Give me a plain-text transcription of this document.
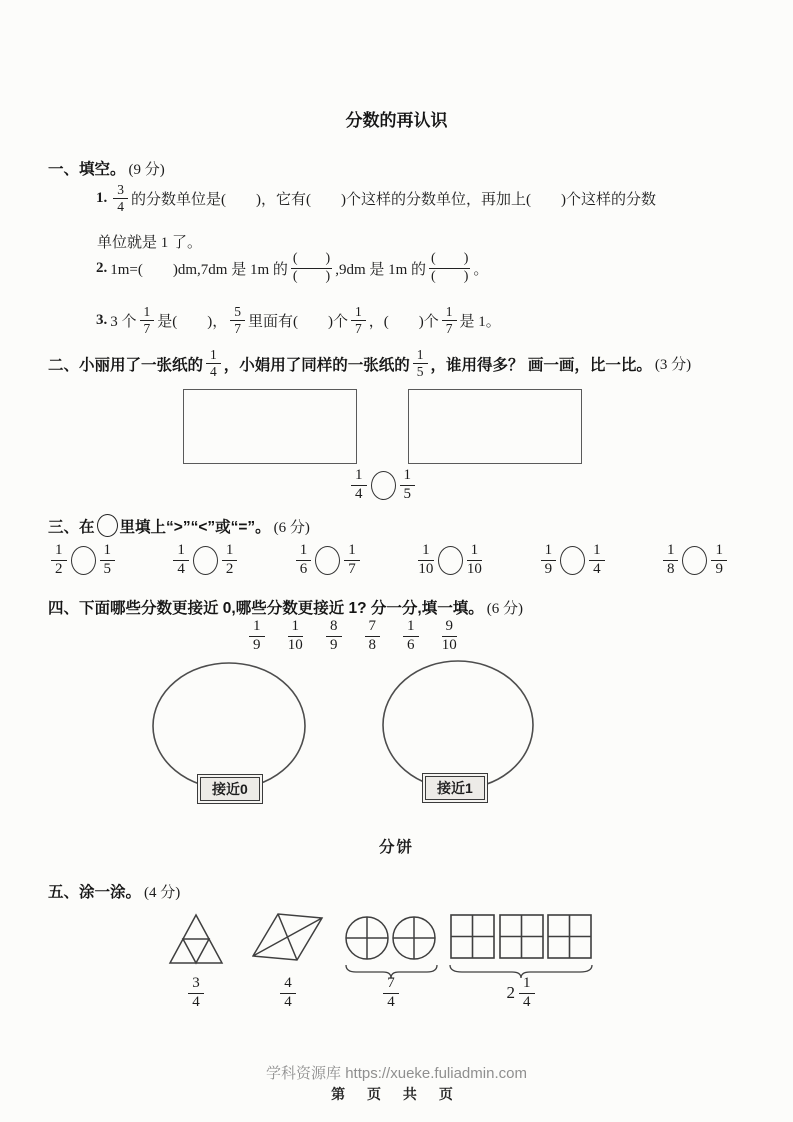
分数的再认识
一、填空。 (9 分)
1. $\frac{3}{4}$ 的分数单位是(　　)，它有(　　)个这样的分数单位，再加上(　　)个这样的分数
单位就是 1 了。
2. 1m=(　　)dm,7dm 是 1m 的 $\frac{( )}{( )} ,9dm$ 是 1m 的 $\frac{( )}{( )}$ 。
3. 3 个 $\frac{1}{7}$ 是(　　)， $\frac{5}{7}$ 里面有(　　)个 $\frac{1}{7}$ ，(　　)个 $\frac{1}{7}$ 是 1。
二、小丽用了一张纸的 $\frac{1}{4}$ ，小娟用了同样的一张纸的 $\frac{1}{5}$ ，谁用得多？ 画一画，比一比。 (3 分)
$\frac{1}{4} \frac{1}{5}$
三、在 里填上“>”“<”或“=”。 (6 分)
$\frac{1}{2} \frac{1}{5}$	$\frac{1}{4} \frac{1}{2}$	$\frac{1}{6} \frac{1}{7}$	$\frac{1}{10} \frac{1}{10}$	$\frac{1}{9} \frac{1}{4}$	$\frac{1}{8} \frac{1}{9}$
四、下面哪些分数更接近 0,哪些分数更接近 1? 分一分,填一填。 (6 分)
$\frac{1}{9} \frac{1}{10} \frac{8}{9} \frac{7}{8} \frac{1}{6} \frac{9}{10}$
接近0	接近1
分饼
五、涂一涂。 (4 分)
$\frac{3}{4}$	$\frac{4}{4}$	$\frac{7}{4}$	$2 \frac{1}{4}$
学科资源库 https://xueke.fuliadmin.com
第 页 共 页
